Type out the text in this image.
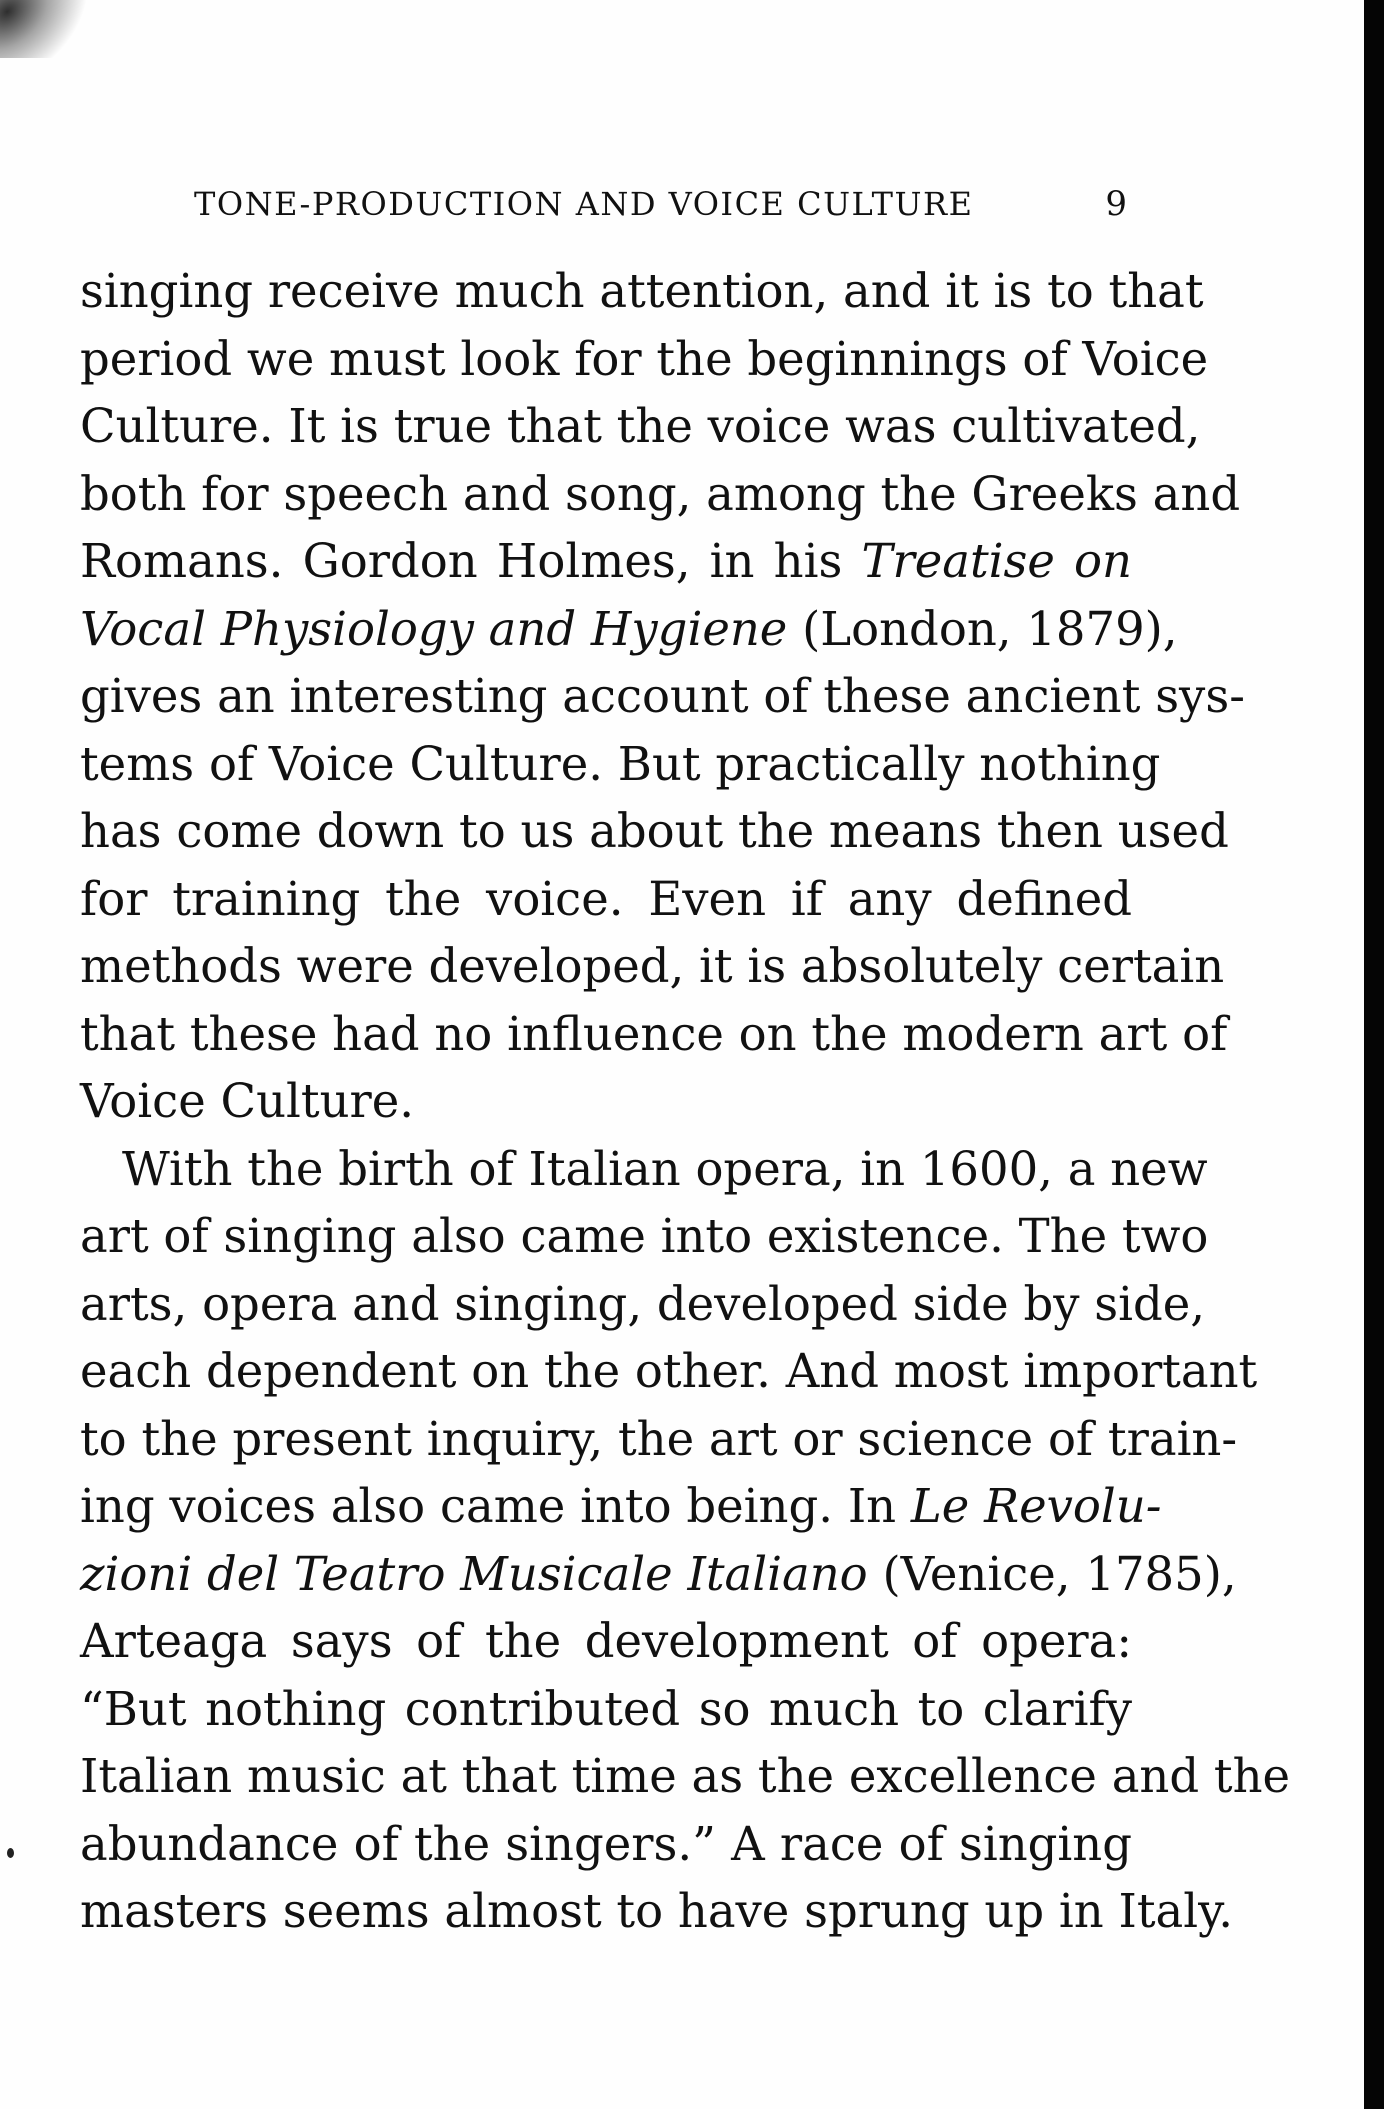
TONE-PRODUCTION AND VOICE CULTURE	9
singing receive much attention, and it is to that
period we must look for the beginnings of Voice
Culture. It is true that the voice was cultivated,
both for speech and song, among the Greeks and
Romans. Gordon Holmes, in his Treatise on
Vocal Physiology and Hygiene (London, 1879),
gives an interesting account of these ancient sys-
tems of Voice Culture. But practically nothing
has come down to us about the means then used
for training the voice. Even if any defined
methods were developed, it is absolutely certain
that these had no influence on the modern art of
Voice Culture.
With the birth of Italian opera, in 1600, a new
art of singing also came into existence. The two
arts, opera and singing, developed side by side,
each dependent on the other. And most important
to the present inquiry, the art or science of train-
ing voices also came into being. In Le Revolu-
zioni del Teatro Musicale Italiano (Venice, 1785),
Arteaga says of the development of opera:
“But nothing contributed so much to clarify
Italian music at that time as the excellence and the
abundance of the singers.” A race of singing
masters seems almost to have sprung up in Italy.
